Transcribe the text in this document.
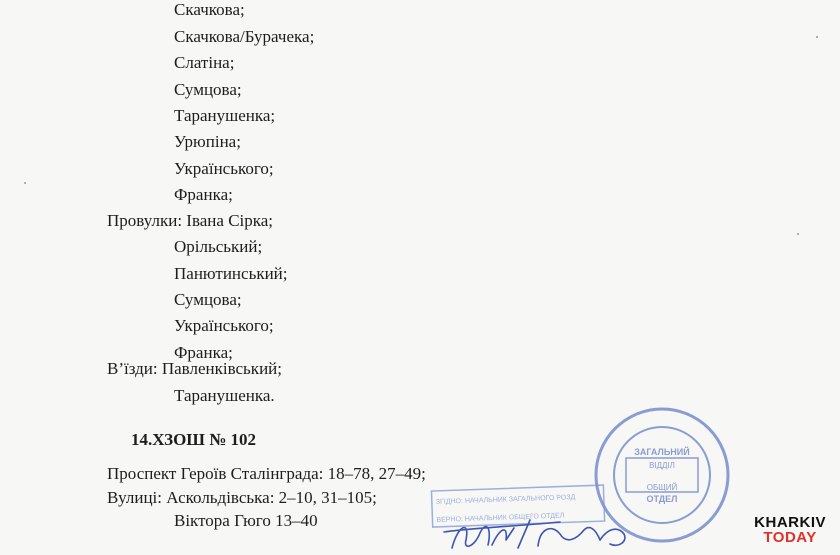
Скачкова;
Скачкова/Бурачека;
Слатіна;
Сумцова;
Таранушенка;
Урюпіна;
Українського;
Франка;
Провулки: Івана Сірка;
Орільський;
Панютинський;
Сумцова;
Українського;
Франка;
В’їзди: Павленківський;
Таранушенка.
14.ХЗОШ № 102
Проспект Героїв Сталінграда: 18–78, 27–49;
Вулиці: Аскольдівська: 2–10, 31–105;
Віктора Гюго 13–40
ЗАГАЛЬНИЙ
ВІДДІЛ
ОБЩИЙ
ОТДЕЛ
ЗГІДНО: НАЧАЛЬНИК ЗАГАЛЬНОГО РОЗД
ВЕРНО: НАЧАЛЬНИК ОБЩЕГО ОТДЕЛ	KHARKIV
TODAY
